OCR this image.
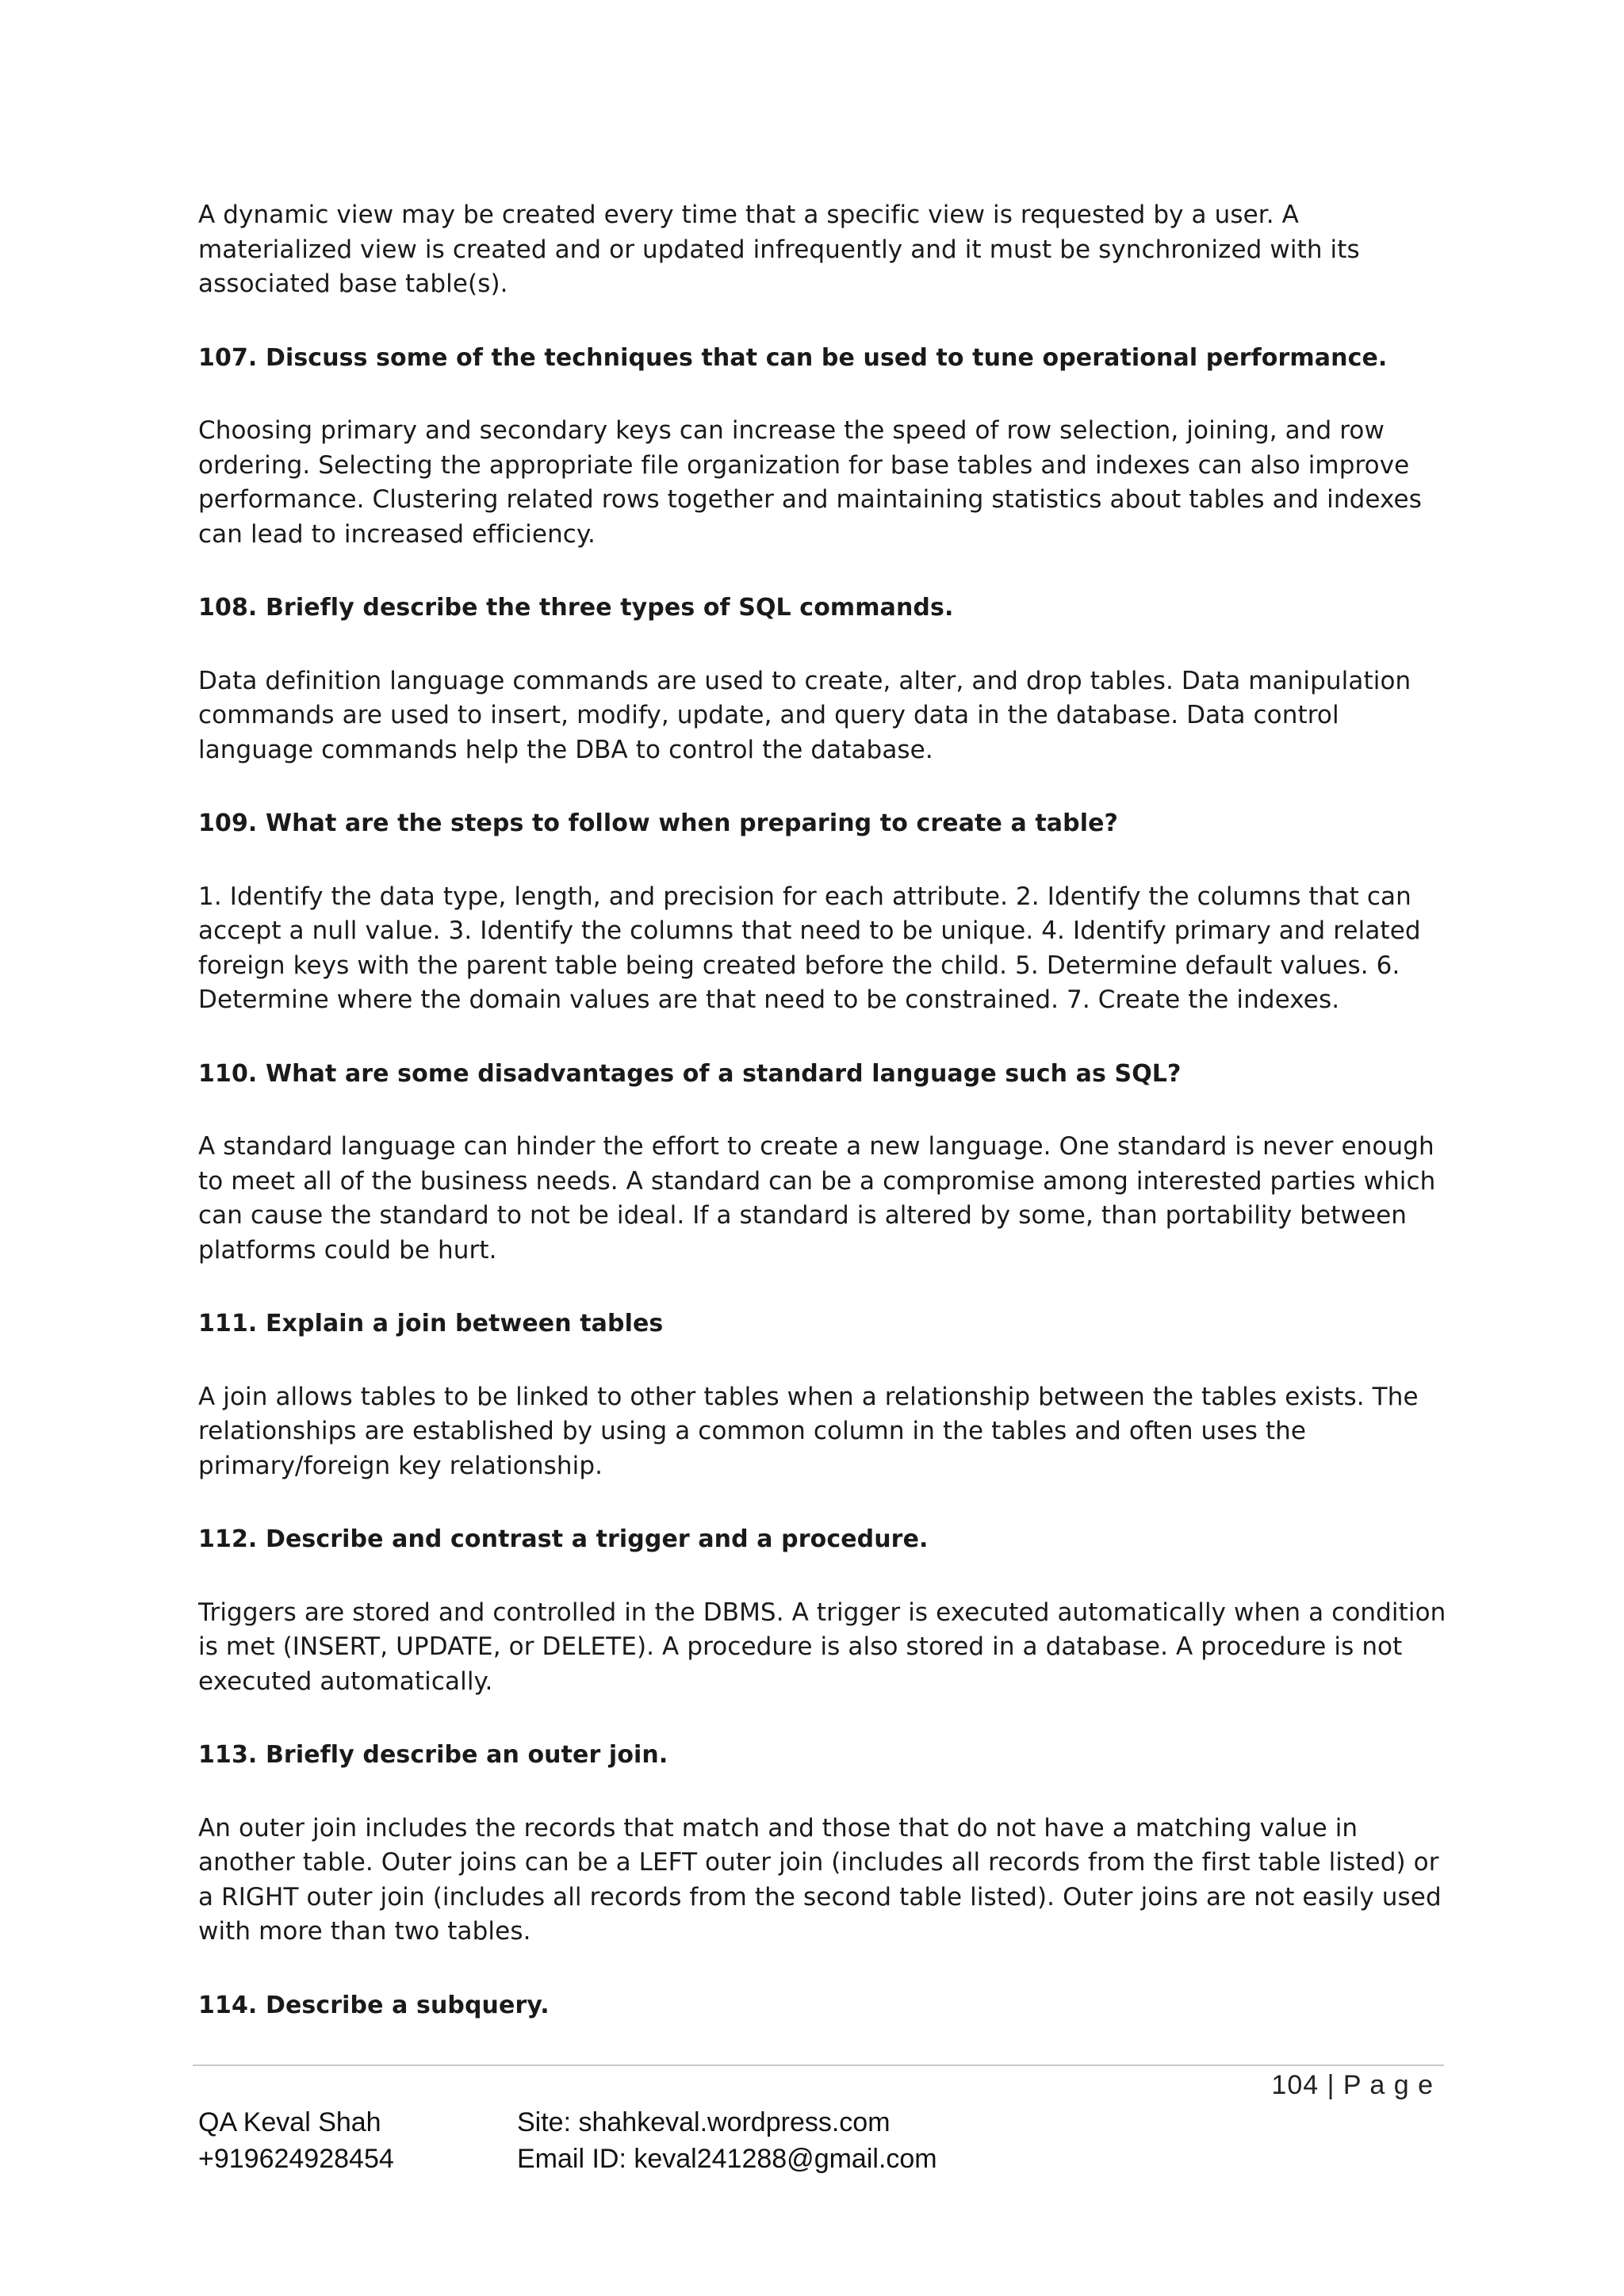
A dynamic view may be created every time that a specific view is requested by a user. A materialized view is created and or updated infrequently and it must be synchronized with its associated base table(s).

107. Discuss some of the techniques that can be used to tune operational performance.

Choosing primary and secondary keys can increase the speed of row selection, joining, and row ordering. Selecting the appropriate file organization for base tables and indexes can also improve performance. Clustering related rows together and maintaining statistics about tables and indexes can lead to increased efficiency.

108. Briefly describe the three types of SQL commands.

Data definition language commands are used to create, alter, and drop tables. Data manipulation commands are used to insert, modify, update, and query data in the database. Data control language commands help the DBA to control the database.

109. What are the steps to follow when preparing to create a table?

1. Identify the data type, length, and precision for each attribute. 2. Identify the columns that can accept a null value. 3. Identify the columns that need to be unique. 4. Identify primary and related foreign keys with the parent table being created before the child. 5. Determine default values. 6. Determine where the domain values are that need to be constrained. 7. Create the indexes.

110. What are some disadvantages of a standard language such as SQL?

A standard language can hinder the effort to create a new language. One standard is never enough to meet all of the business needs. A standard can be a compromise among interested parties which can cause the standard to not be ideal. If a standard is altered by some, than portability between platforms could be hurt.

111. Explain a join between tables

A join allows tables to be linked to other tables when a relationship between the tables exists. The relationships are established by using a common column in the tables and often uses the primary/foreign key relationship.

112. Describe and contrast a trigger and a procedure.

Triggers are stored and controlled in the DBMS. A trigger is executed automatically when a condition is met (INSERT, UPDATE, or DELETE). A procedure is also stored in a database. A procedure is not executed automatically.

113. Briefly describe an outer join.

An outer join includes the records that match and those that do not have a matching value in another table. Outer joins can be a LEFT outer join (includes all records from the first table listed) or a RIGHT outer join (includes all records from the second table listed). Outer joins are not easily used with more than two tables.

114. Describe a subquery.

104 | P a g e
QA Keval Shah
+919624928454
Site: shahkeval.wordpress.com
Email ID: keval241288@gmail.com
